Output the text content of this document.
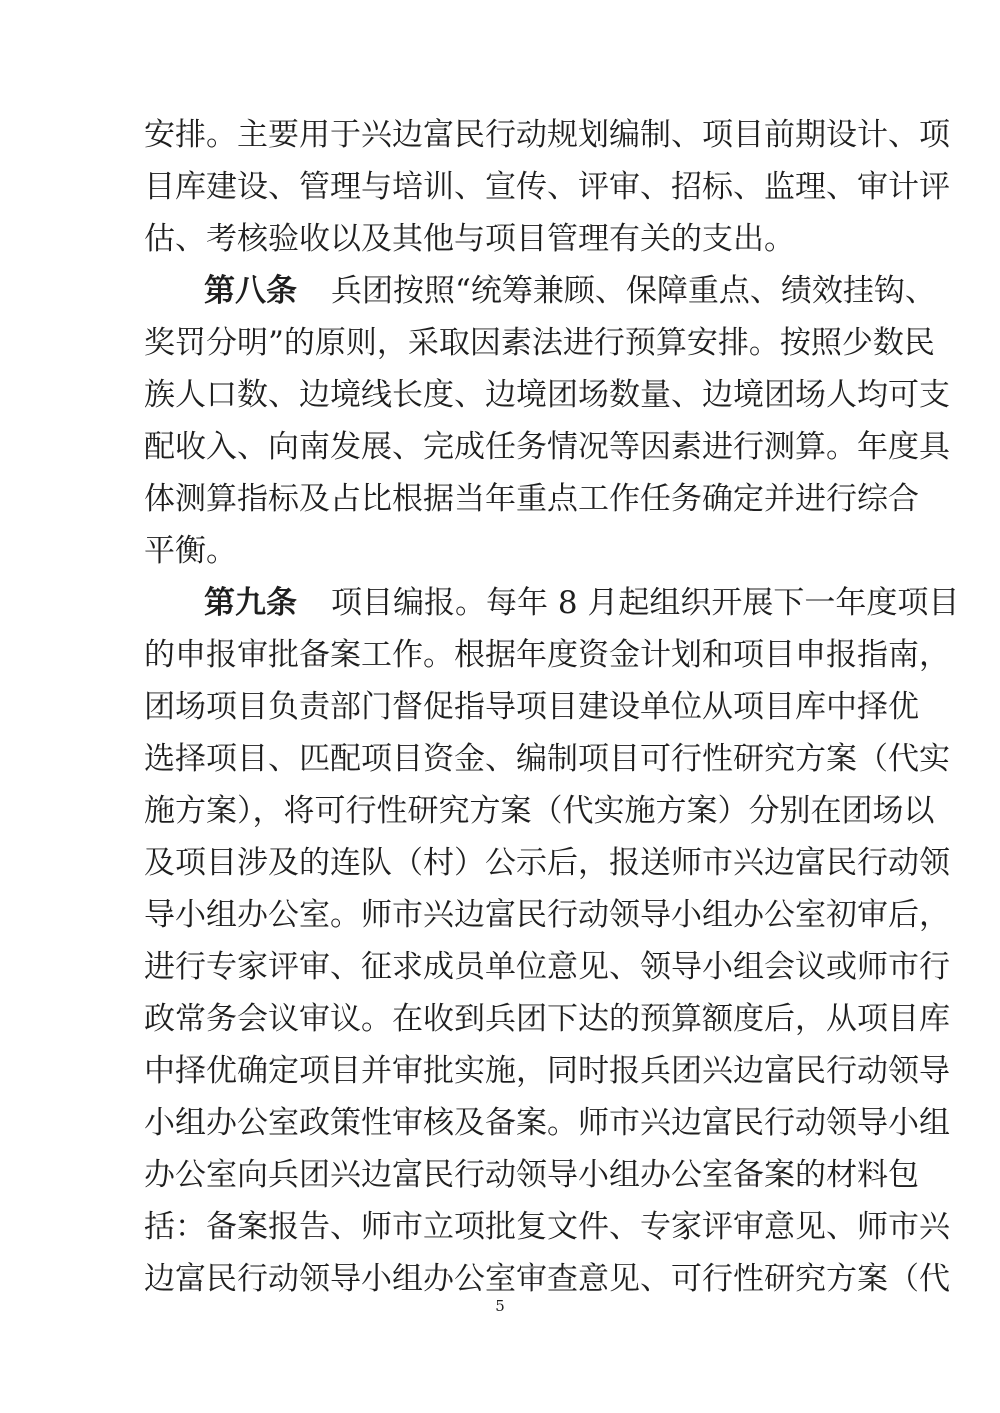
安排。主要用于兴边富民行动规划编制、项目前期设计、项
目库建设、管理与培训、宣传、评审、招标、监理、审计评
估、考核验收以及其他与项目管理有关的支出。
第八条 兵团按照“统筹兼顾、保障重点、绩效挂钩、
奖罚分明”的原则，采取因素法进行预算安排。按照少数民
族人口数、边境线长度、边境团场数量、边境团场人均可支
配收入、向南发展、完成任务情况等因素进行测算。年度具
体测算指标及占比根据当年重点工作任务确定并进行综合
平衡。
第九条 项目编报。每年 8 月起组织开展下一年度项目
的申报审批备案工作。根据年度资金计划和项目申报指南，
团场项目负责部门督促指导项目建设单位从项目库中择优
选择项目、匹配项目资金、编制项目可行性研究方案（代实
施方案），将可行性研究方案（代实施方案）分别在团场以
及项目涉及的连队（村）公示后，报送师市兴边富民行动领
导小组办公室。师市兴边富民行动领导小组办公室初审后，
进行专家评审、征求成员单位意见、领导小组会议或师市行
政常务会议审议。在收到兵团下达的预算额度后，从项目库
中择优确定项目并审批实施，同时报兵团兴边富民行动领导
小组办公室政策性审核及备案。师市兴边富民行动领导小组
办公室向兵团兴边富民行动领导小组办公室备案的材料包
括：备案报告、师市立项批复文件、专家评审意见、师市兴
边富民行动领导小组办公室审查意见、可行性研究方案（代
5
